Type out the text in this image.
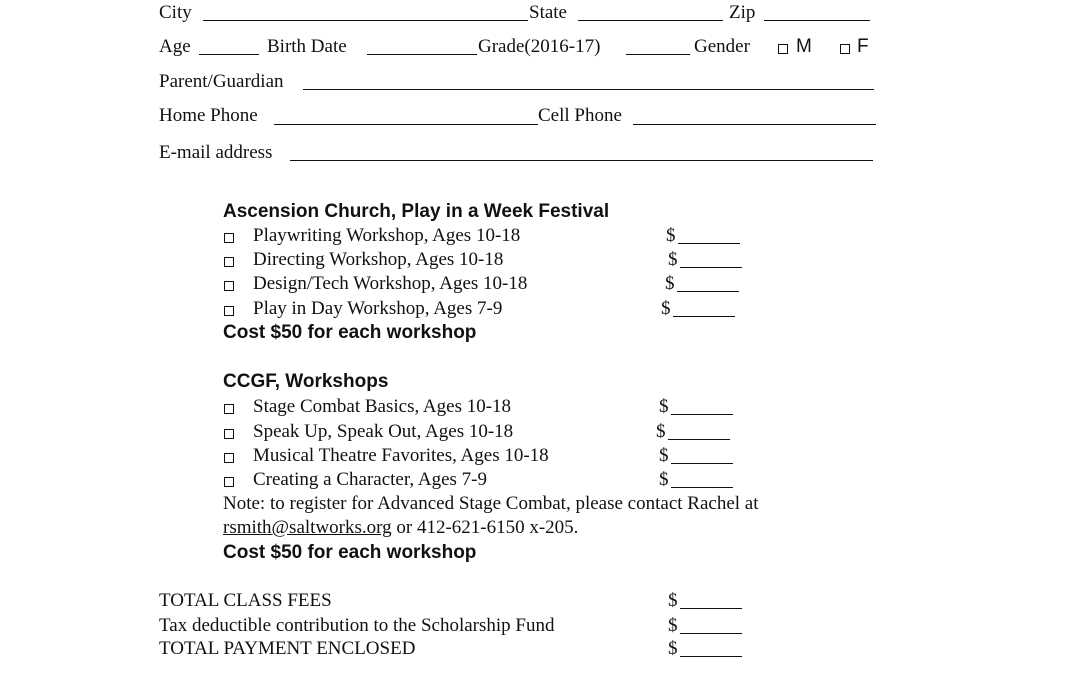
City	State	Zip
Age	Birth Date	Grade(2016-17)	Gender M F
Parent/Guardian
Home Phone	Cell Phone
E-mail address
Ascension Church, Play in a Week Festival
Playwriting Workshop, Ages 10-18	$
Directing Workshop, Ages 10-18	$
Design/Tech Workshop, Ages 10-18	$
Play in Day Workshop, Ages 7-9	$
Cost $50 for each workshop
CCGF, Workshops
Stage Combat Basics, Ages 10-18	$
Speak Up, Speak Out, Ages 10-18	$
Musical Theatre Favorites, Ages 10-18	$
Creating a Character, Ages 7-9	$
Note: to register for Advanced Stage Combat, please contact Rachel at
rsmith@saltworks.org or 412-621-6150 x-205.
Cost $50 for each workshop
TOTAL CLASS FEES	$
Tax deductible contribution to the Scholarship Fund	$
TOTAL PAYMENT ENCLOSED	$
